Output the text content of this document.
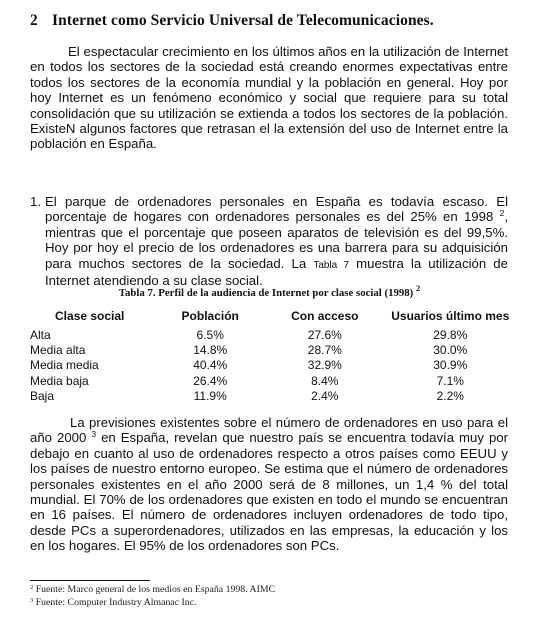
2 Internet como Servicio Universal de Telecomunicaciones.

El espectacular crecimiento en los últimos años en la utilización de Internet en todos los sectores de la sociedad está creando enormes expectativas entre todos los sectores de la economía mundial y la población en general. Hoy por hoy Internet es un fenómeno económico y social que requiere para su total consolidación que su utilización se extienda a todos los sectores de la población. ExisteN algunos factores que retrasan el la extensión del uso de Internet entre la población en España.

1. El parque de ordenadores personales en España es todavía escaso. El porcentaje de hogares con ordenadores personales es del 25% en 1998 $^2$, mientras que el porcentaje que poseen aparatos de televisión es del 99,5%. Hoy por hoy el precio de los ordenadores es una barrera para su adquisición para muchos sectores de la sociedad. La Tabla 7 muestra la utilización de Internet atendiendo a su clase social.
Tabla 7. Perfil de la audiencia de Internet por clase social (1998) $^2$
Clase social	Población	Con acceso	Usuarios último mes
Alta	6.5%	27.6%	29.8%
Media alta	14.8%	28.7%	30.0%
Media media	40.4%	32.9%	30.9%
Media baja	26.4%	8.4%	7.1%
Baja	11.9%	2.4%	2.2%

La previsiones existentes sobre el número de ordenadores en uso para el año 2000 $^3$ en España, revelan que nuestro país se encuentra todavía muy por debajo en cuanto al uso de ordenadores respecto a otros países como EEUU y los países de nuestro entorno europeo. Se estima que el número de ordenadores personales existentes en el año 2000 será de 8 millones, un 1,4 % del total mundial. El 70% de los ordenadores que existen en todo el mundo se encuentran en 16 países. El número de ordenadores incluyen ordenadores de todo tipo, desde PCs a superordenadores, utilizados en las empresas, la educación y los en los hogares. El 95% de los ordenadores son PCs.

$^2$ Fuente: Marco general de los medios en España 1998. AIMC
$^3$ Fuente: Computer Industry Almanac Inc.
